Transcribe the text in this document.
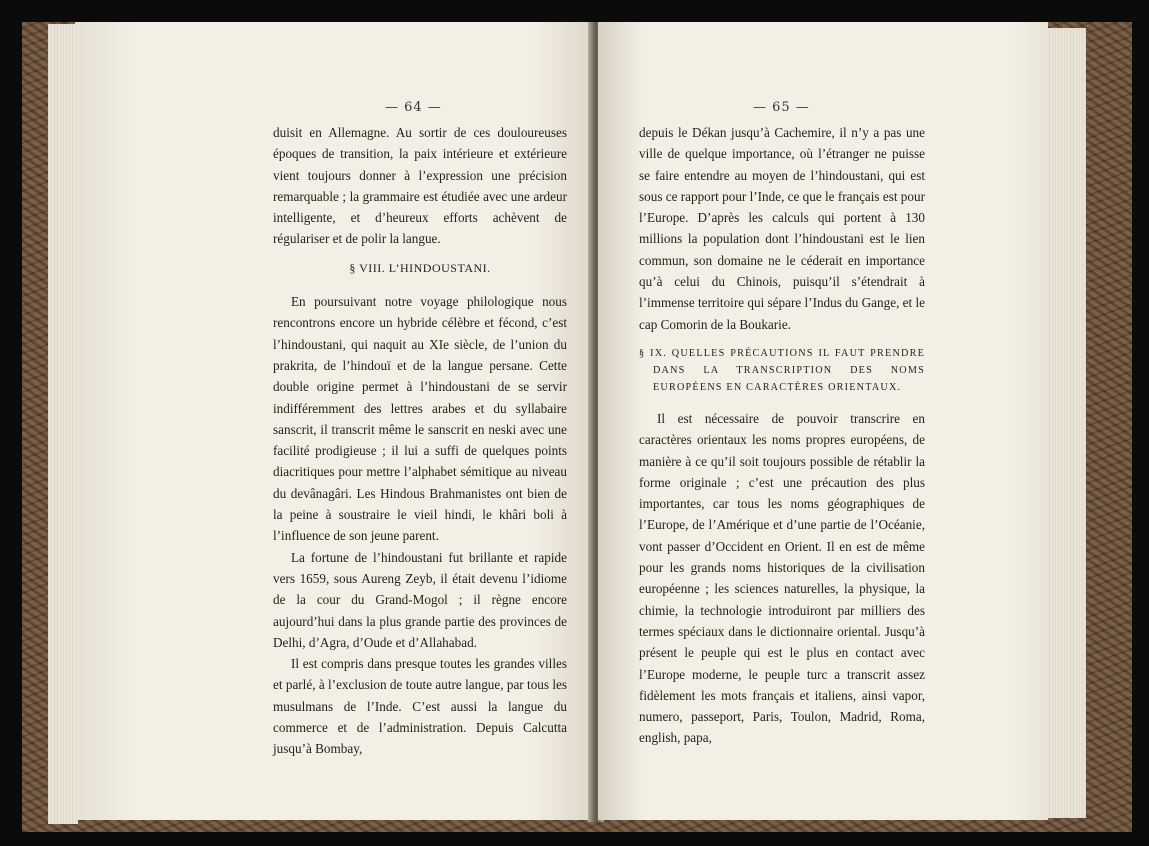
— 64 —

duisit en Allemagne. Au sortir de ces douloureuses époques de transition, la paix intérieure et extérieure vient toujours donner à l’expression une précision remarquable ; la grammaire est étudiée avec une ardeur intelligente, et d’heureux efforts achèvent de régulariser et de polir la langue.

§ VIII. L’HINDOUSTANI.

En poursuivant notre voyage philologique nous rencontrons encore un hybride célèbre et fécond, c’est l’hindoustani, qui naquit au XIe siècle, de l’union du prakrita, de l’hindouï et de la langue persane. Cette double origine permet à l’hindoustani de se servir indifféremment des lettres arabes et du syllabaire sanscrit, il transcrit même le sanscrit en neski avec une facilité prodigieuse ; il lui a suffi de quelques points diacritiques pour mettre l’alphabet sémitique au niveau du devânagâri. Les Hindous Brahmanistes ont bien de la peine à soustraire le vieil hindi, le khâri boli à l’influence de son jeune parent.

La fortune de l’hindoustani fut brillante et rapide vers 1659, sous Aureng Zeyb, il était devenu l’idiome de la cour du Grand-Mogol ; il règne encore aujourd’hui dans la plus grande partie des provinces de Delhi, d’Agra, d’Oude et d’Allahabad.

Il est compris dans presque toutes les grandes villes et parlé, à l’exclusion de toute autre langue, par tous les musulmans de l’Inde. C’est aussi la langue du commerce et de l’administration. Depuis Calcutta jusqu’à Bombay,

— 65 —

depuis le Dékan jusqu’à Cachemire, il n’y a pas une ville de quelque importance, où l’étranger ne puisse se faire entendre au moyen de l’hindoustani, qui est sous ce rapport pour l’Inde, ce que le français est pour l’Europe. D’après les calculs qui portent à 130 millions la population dont l’hindoustani est le lien commun, son domaine ne le céderait en importance qu’à celui du Chinois, puisqu’il s’étendrait à l’immense territoire qui sépare l’Indus du Gange, et le cap Comorin de la Boukarie.

§ IX. QUELLES PRÉCAUTIONS IL FAUT PRENDRE DANS LA TRANSCRIPTION DES NOMS EUROPÉENS EN CARACTÈRES ORIENTAUX.

Il est nécessaire de pouvoir transcrire en caractères orientaux les noms propres européens, de manière à ce qu’il soit toujours possible de rétablir la forme originale ; c’est une précaution des plus importantes, car tous les noms géographiques de l’Europe, de l’Amérique et d’une partie de l’Océanie, vont passer d’Occident en Orient. Il en est de même pour les grands noms historiques de la civilisation européenne ; les sciences naturelles, la physique, la chimie, la technologie introduiront par milliers des termes spéciaux dans le dictionnaire oriental. Jusqu’à présent le peuple qui est le plus en contact avec l’Europe moderne, le peuple turc a transcrit assez fidèlement les mots français et italiens, ainsi vapor, numero, passeport, Paris, Toulon, Madrid, Roma, english, papa,
